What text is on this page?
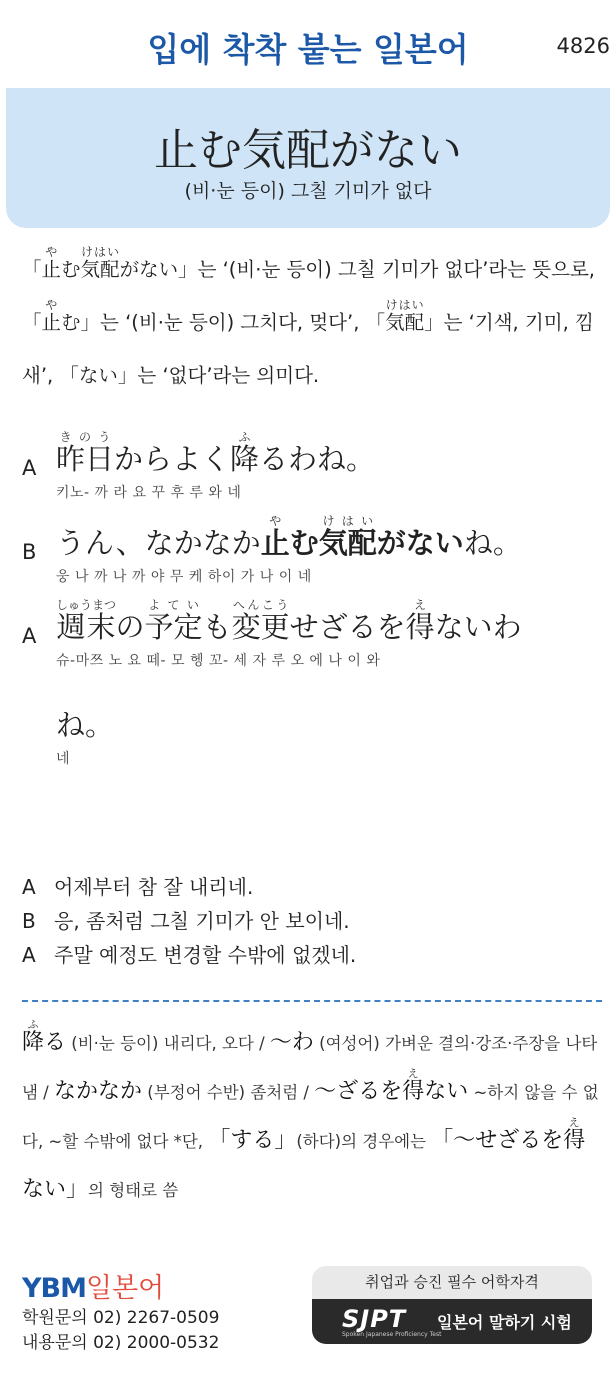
입에 착착 붙는 일본어	4826
止む気配がない
(비·눈 등이) 그칠 기미가 없다
「止やむ気配けはいがない」는 ‘(비·눈 등이) 그칠 기미가 없다’라는 뜻으로, 「止やむ」는 ‘(비·눈 등이) 그치다, 멎다’, 「気配けはい」는 ‘기색, 기미, 낌새’, 「ない」는 ‘없다’라는 의미다.
A 昨日きのうからよく降ふるわね。
키노- 까 라 요 꾸 후 루 와 네
B うん、なかなか止やむ気配けはいがないね。
웅 나 까 나 까 야 무 케 하이 가 나 이 네
A 週末しゅうまつの予定よていも変更へんこうせざるを得えないわ
슈-마쯔 노 요 떼- 모 헹 꼬- 세 자 루 오 에 나 이 와
ね。
네
A 어제부터 참 잘 내리네.
B 응, 좀처럼 그칠 기미가 안 보이네.
A 주말 예정도 변경할 수밖에 없겠네.
降ふる (비·눈 등이) 내리다, 오다 / 〜わ (여성어) 가벼운 결의·강조·주장을 나타냄 / なかなか (부정어 수반) 좀처럼 / 〜ざるを得えない ~하지 않을 수 없다, ~할 수밖에 없다 *단, 「する」(하다)의 경우에는 「〜せざるを得えない」의 형태로 씀
YBM일본어
학원문의 02) 2267-0509
내용문의 02) 2000-0532
취업과 승진 필수 어학자격
SJPT
Spoken Japanese Proficiency Test
일본어 말하기 시험
